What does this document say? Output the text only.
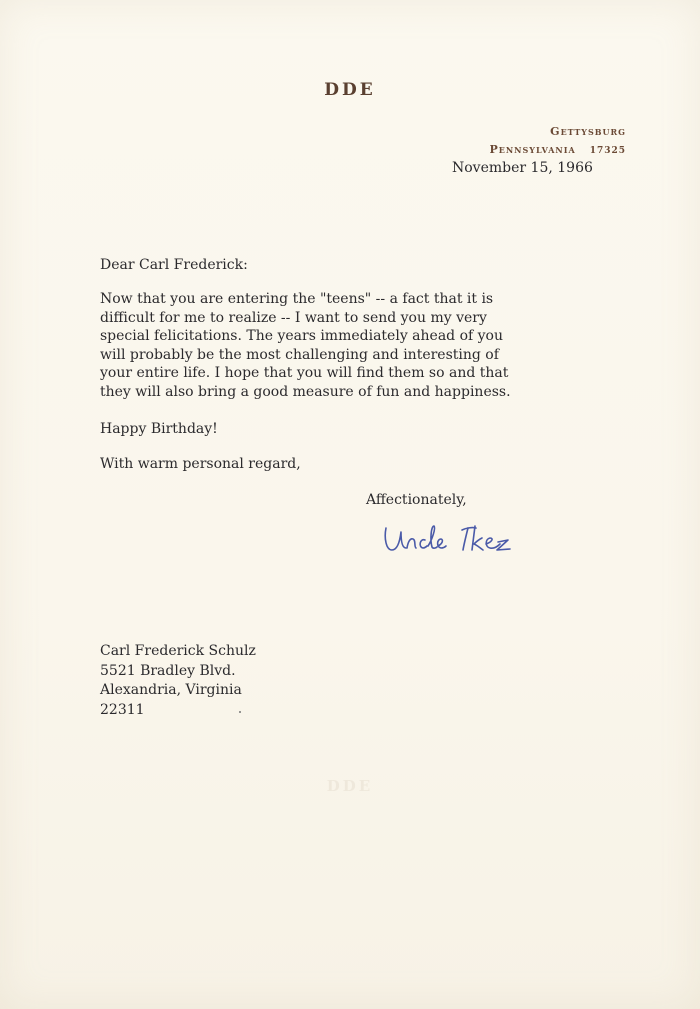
DDE
Gettysburg
Pennsylvania 17325
November 15, 1966
Dear Carl Frederick:
Now that you are entering the "teens" -- a fact that it is
difficult for me to realize -- I want to send you my very
special felicitations. The years immediately ahead of you
will probably be the most challenging and interesting of
your entire life. I hope that you will find them so and that
they will also bring a good measure of fun and happiness.
Happy Birthday!
With warm personal regard,
Affectionately,
Carl Frederick Schulz
5521 Bradley Blvd.
Alexandria, Virginia
22311
DDE
